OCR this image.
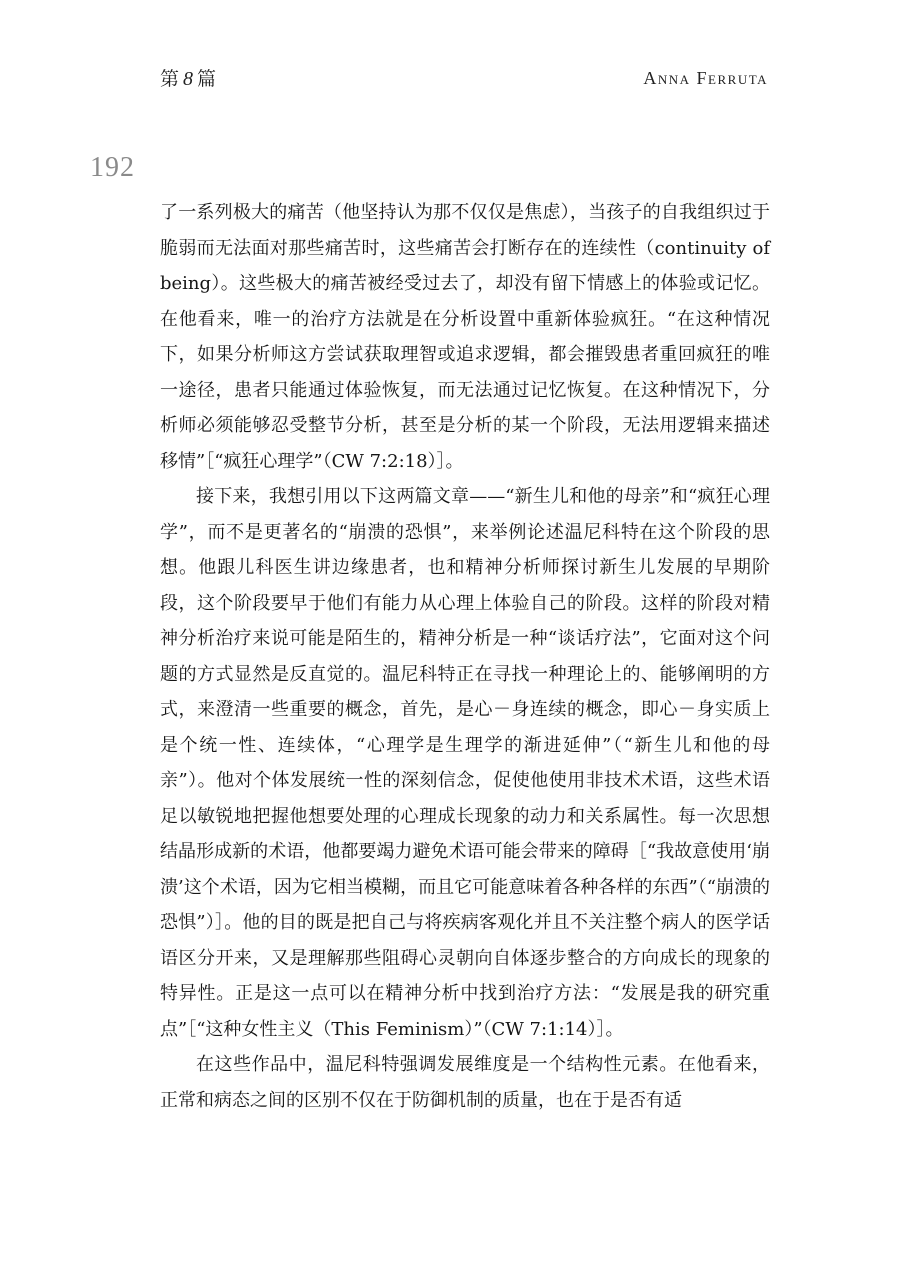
第 8 篇	Anna Ferruta
192

了一系列极大的痛苦（他坚持认为那不仅仅是焦虑），当孩子的自我组织过于脆弱而无法面对那些痛苦时，这些痛苦会打断存在的连续性（continuity of being）。这些极大的痛苦被经受过去了，却没有留下情感上的体验或记忆。在他看来，唯一的治疗方法就是在分析设置中重新体验疯狂。“在这种情况下，如果分析师这方尝试获取理智或追求逻辑，都会摧毁患者重回疯狂的唯一途径，患者只能通过体验恢复，而无法通过记忆恢复。在这种情况下，分析师必须能够忍受整节分析，甚至是分析的某一个阶段，无法用逻辑来描述移情”［“疯狂心理学”（CW 7:2:18）］。

接下来，我想引用以下这两篇文章——“新生儿和他的母亲”和“疯狂心理学”，而不是更著名的“崩溃的恐惧”，来举例论述温尼科特在这个阶段的思想。他跟儿科医生讲边缘患者，也和精神分析师探讨新生儿发展的早期阶段，这个阶段要早于他们有能力从心理上体验自己的阶段。这样的阶段对精神分析治疗来说可能是陌生的，精神分析是一种“谈话疗法”，它面对这个问题的方式显然是反直觉的。温尼科特正在寻找一种理论上的、能够阐明的方式，来澄清一些重要的概念，首先，是心－身连续的概念，即心－身实质上是个统一性、连续体，“心理学是生理学的渐进延伸”（“新生儿和他的母亲”）。他对个体发展统一性的深刻信念，促使他使用非技术术语，这些术语足以敏锐地把握他想要处理的心理成长现象的动力和关系属性。每一次思想结晶形成新的术语，他都要竭力避免术语可能会带来的障碍［“我故意使用‘崩溃’这个术语，因为它相当模糊，而且它可能意味着各种各样的东西”（“崩溃的恐惧”）］。他的目的既是把自己与将疾病客观化并且不关注整个病人的医学话语区分开来，又是理解那些阻碍心灵朝向自体逐步整合的方向成长的现象的特异性。正是这一点可以在精神分析中找到治疗方法：“发展是我的研究重点”［“这种女性主义（This Feminism）”（CW 7:1:14）］。

在这些作品中，温尼科特强调发展维度是一个结构性元素。在他看来，正常和病态之间的区别不仅在于防御机制的质量，也在于是否有适
